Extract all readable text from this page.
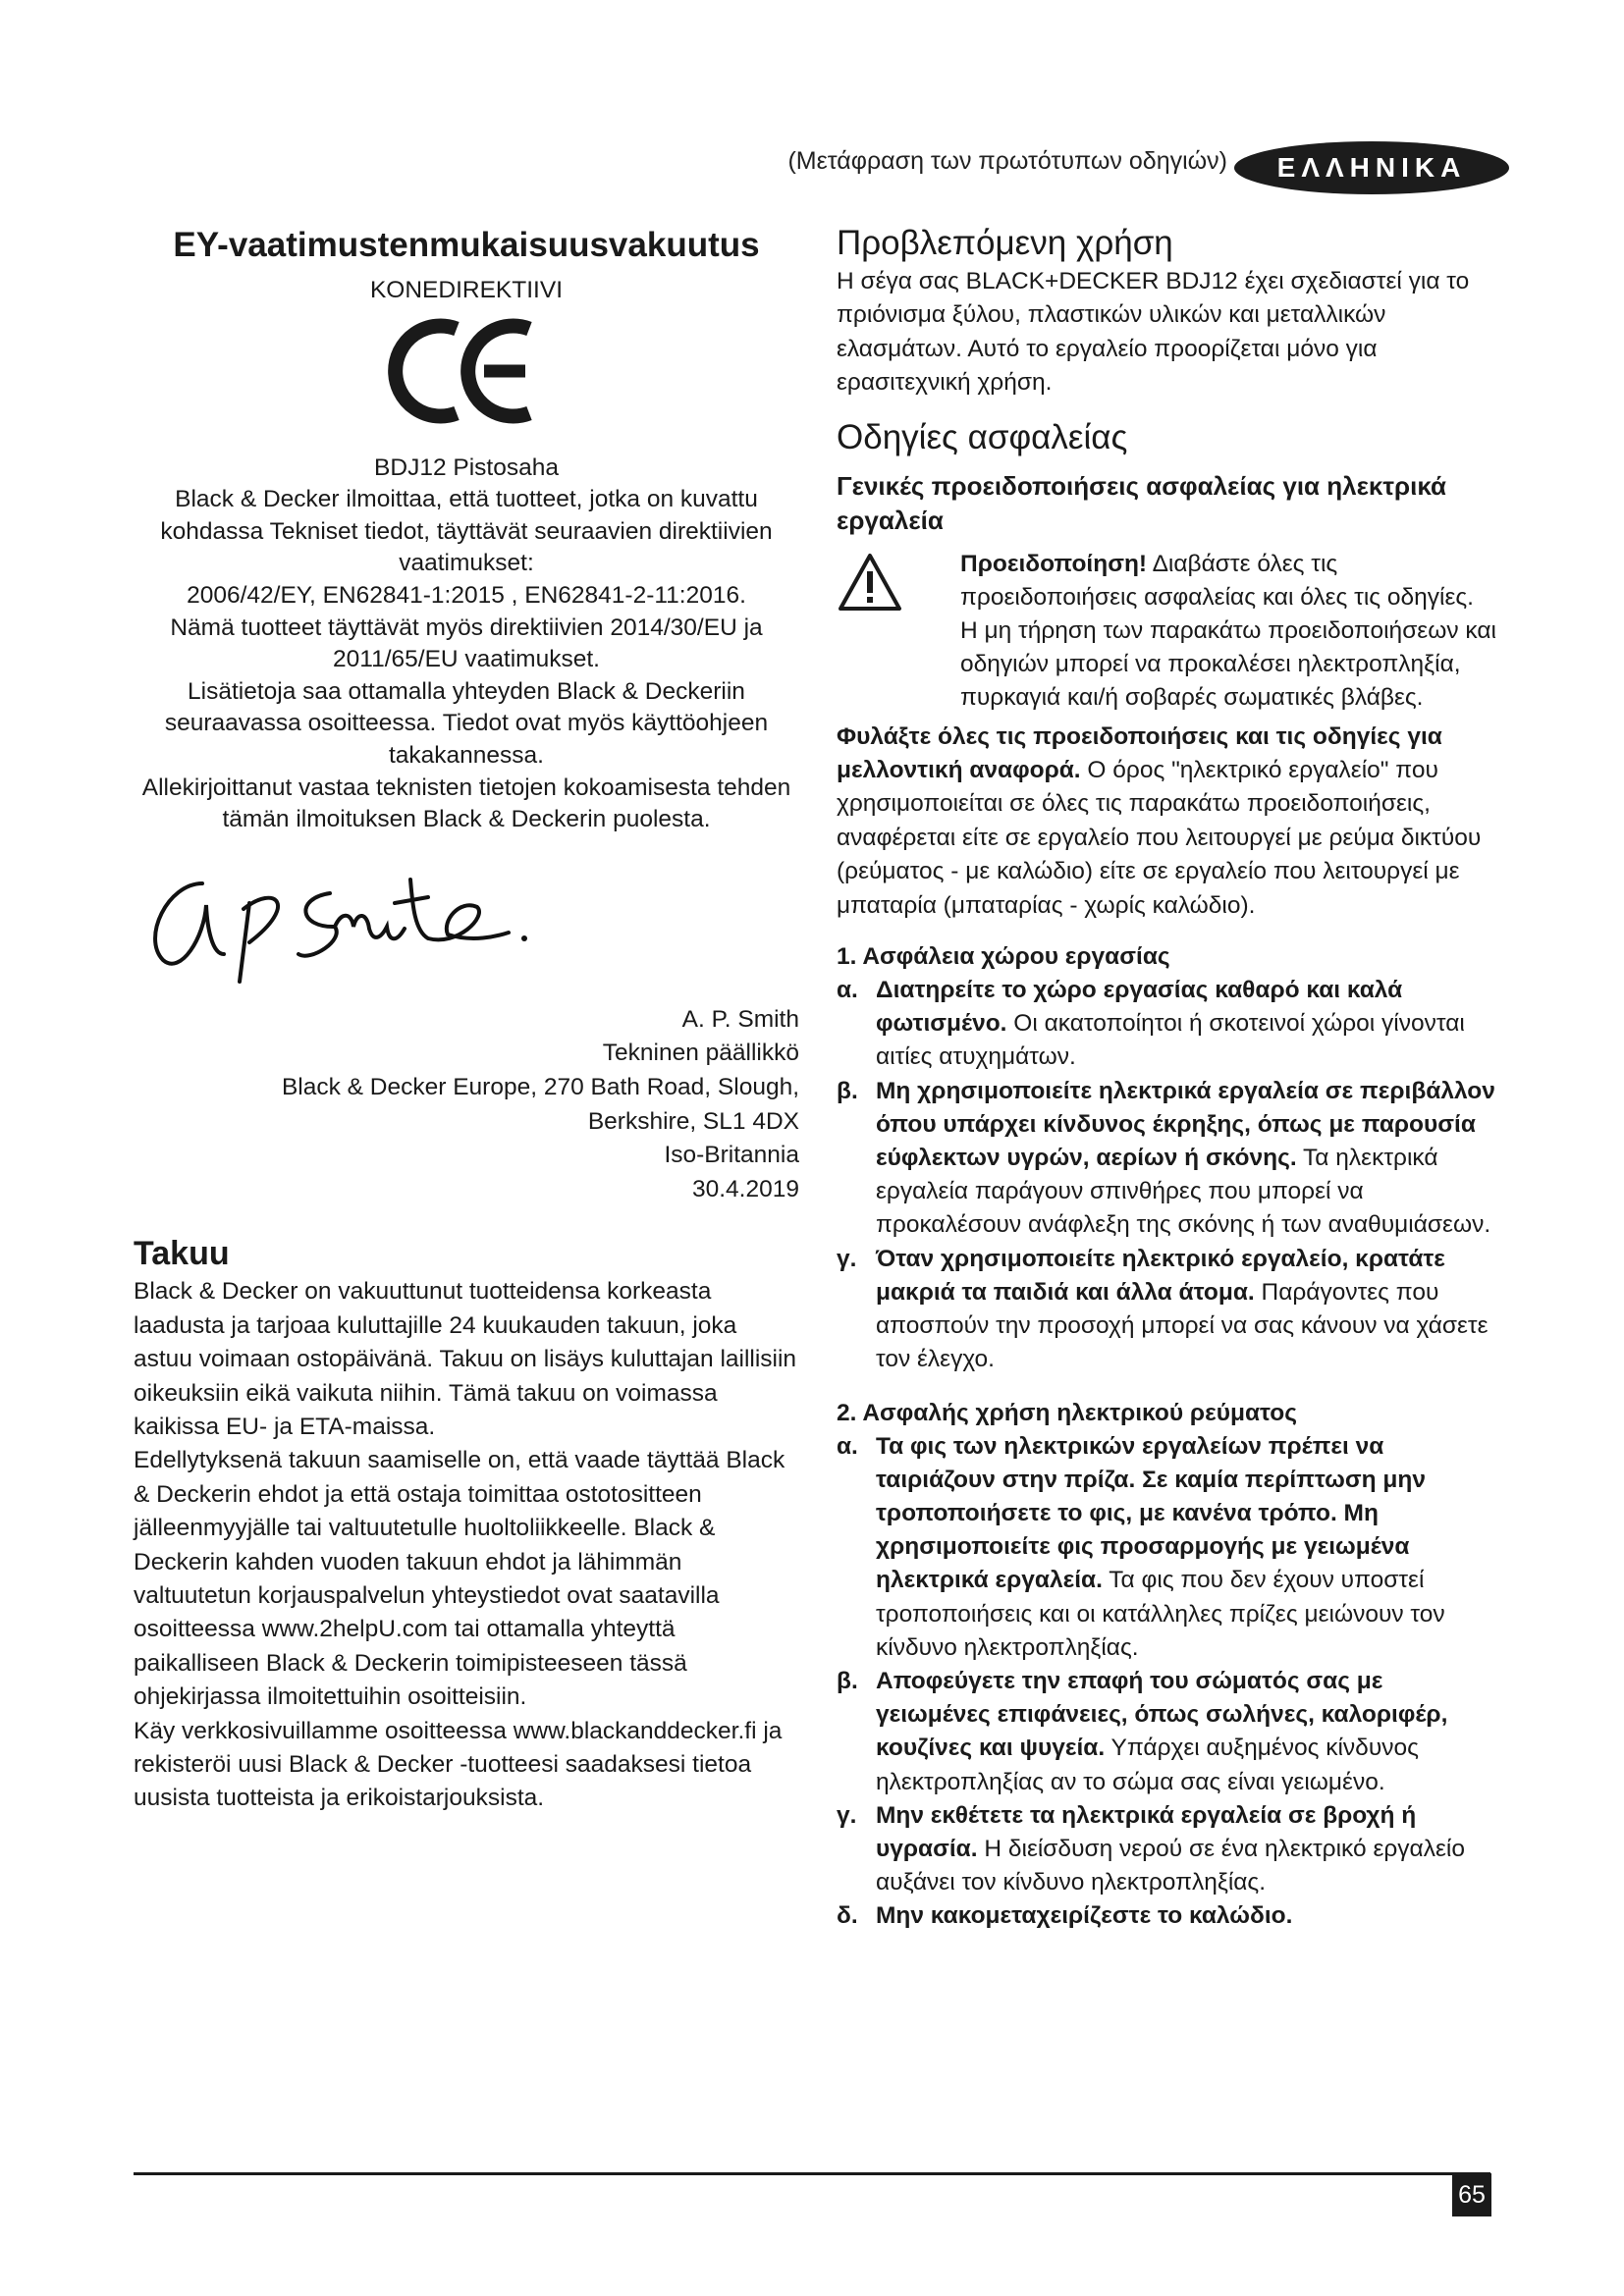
(Μετάφραση των πρωτότυπων οδηγιών)	ΕΛΛΗΝΙΚΑ
EY-vaatimustenmukaisuusvakuutus
KONEDIREKTIIVI
BDJ12 Pistosaha
Black & Decker ilmoittaa, että tuotteet, jotka on kuvattu
kohdassa Tekniset tiedot, täyttävät seuraavien direktiivien
vaatimukset:
2006/42/EY, EN62841-1:2015 , EN62841-2-11:2016.
Nämä tuotteet täyttävät myös direktiivien 2014/30/EU ja
2011/65/EU vaatimukset.
Lisätietoja saa ottamalla yhteyden Black & Deckeriin
seuraavassa osoitteessa. Tiedot ovat myös käyttöohjeen
takakannessa.
Allekirjoittanut vastaa teknisten tietojen kokoamisesta tehden
tämän ilmoituksen Black & Deckerin puolesta.
A. P. Smith
Tekninen päällikkö
Black & Decker Europe, 270 Bath Road, Slough,
Berkshire, SL1 4DX
Iso-Britannia
30.4.2019
Takuu

Black & Decker on vakuuttunut tuotteidensa korkeasta laadusta ja tarjoaa kuluttajille 24 kuukauden takuun, joka astuu voimaan ostopäivänä. Takuu on lisäys kuluttajan laillisiin oikeuksiin eikä vaikuta niihin. Tämä takuu on voimassa kaikissa EU- ja ETA-maissa.

Edellytyksenä takuun saamiselle on, että vaade täyttää Black & Deckerin ehdot ja että ostaja toimittaa ostotositteen jälleenmyyjälle tai valtuutetulle huoltoliikkeelle. Black & Deckerin kahden vuoden takuun ehdot ja lähimmän valtuutetun korjauspalvelun yhteystiedot ovat saatavilla osoitteessa www.2helpU.com tai ottamalla yhteyttä paikalliseen Black & Deckerin toimipisteeseen tässä ohjekirjassa ilmoitettuihin osoitteisiin.

Käy verkkosivuillamme osoitteessa www.blackanddecker.fi ja rekisteröi uusi Black & Decker -tuotteesi saadaksesi tietoa uusista tuotteista ja erikoistarjouksista.

Προβλεπόμενη χρήση

Η σέγα σας BLACK+DECKER BDJ12 έχει σχεδιαστεί για το πριόνισμα ξύλου, πλαστικών υλικών και μεταλλικών ελασμάτων. Αυτό το εργαλείο προορίζεται μόνο για ερασιτεχνική χρήση.

Οδηγίες ασφαλείας
Γενικές προειδοποιήσεις ασφαλείας για ηλεκτρικά εργαλεία
Προειδοποίηση! Διαβάστε όλες τις προειδοποιήσεις ασφαλείας και όλες τις οδηγίες. Η μη τήρηση των παρακάτω προειδοποιήσεων και οδηγιών μπορεί να προκαλέσει ηλεκτροπληξία, πυρκαγιά και/ή σοβαρές σωματικές βλάβες.

Φυλάξτε όλες τις προειδοποιήσεις και τις οδηγίες για μελλοντική αναφορά. Ο όρος "ηλεκτρικό εργαλείο" που χρησιμοποιείται σε όλες τις παρακάτω προειδοποιήσεις, αναφέρεται είτε σε εργαλείο που λειτουργεί με ρεύμα δικτύου (ρεύματος - με καλώδιο) είτε σε εργαλείο που λειτουργεί με μπαταρία (μπαταρίας - χωρίς καλώδιο).

1. Ασφάλεια χώρου εργασίας
α. Διατηρείτε το χώρο εργασίας καθαρό και καλά φωτισμένο. Οι ακατοποίητοι ή σκοτεινοί χώροι γίνονται αιτίες ατυχημάτων.
β. Μη χρησιμοποιείτε ηλεκτρικά εργαλεία σε περιβάλλον όπου υπάρχει κίνδυνος έκρηξης, όπως με παρουσία εύφλεκτων υγρών, αερίων ή σκόνης. Τα ηλεκτρικά εργαλεία παράγουν σπινθήρες που μπορεί να προκαλέσουν ανάφλεξη της σκόνης ή των αναθυμιάσεων.
γ. Όταν χρησιμοποιείτε ηλεκτρικό εργαλείο, κρατάτε μακριά τα παιδιά και άλλα άτομα. Παράγοντες που αποσπούν την προσοχή μπορεί να σας κάνουν να χάσετε τον έλεγχο.
2. Ασφαλής χρήση ηλεκτρικού ρεύματος
α. Τα φις των ηλεκτρικών εργαλείων πρέπει να ταιριάζουν στην πρίζα. Σε καμία περίπτωση μην τροποποιήσετε το φις, με κανένα τρόπο. Μη χρησιμοποιείτε φις προσαρμογής με γειωμένα ηλεκτρικά εργαλεία. Τα φις που δεν έχουν υποστεί τροποποιήσεις και οι κατάλληλες πρίζες μειώνουν τον κίνδυνο ηλεκτροπληξίας.
β. Αποφεύγετε την επαφή του σώματός σας με γειωμένες επιφάνειες, όπως σωλήνες, καλοριφέρ, κουζίνες και ψυγεία. Υπάρχει αυξημένος κίνδυνος ηλεκτροπληξίας αν το σώμα σας είναι γειωμένο.
γ. Μην εκθέτετε τα ηλεκτρικά εργαλεία σε βροχή ή υγρασία. Η διείσδυση νερού σε ένα ηλεκτρικό εργαλείο αυξάνει τον κίνδυνο ηλεκτροπληξίας.
δ. Μην κακομεταχειρίζεστε το καλώδιο.
65
